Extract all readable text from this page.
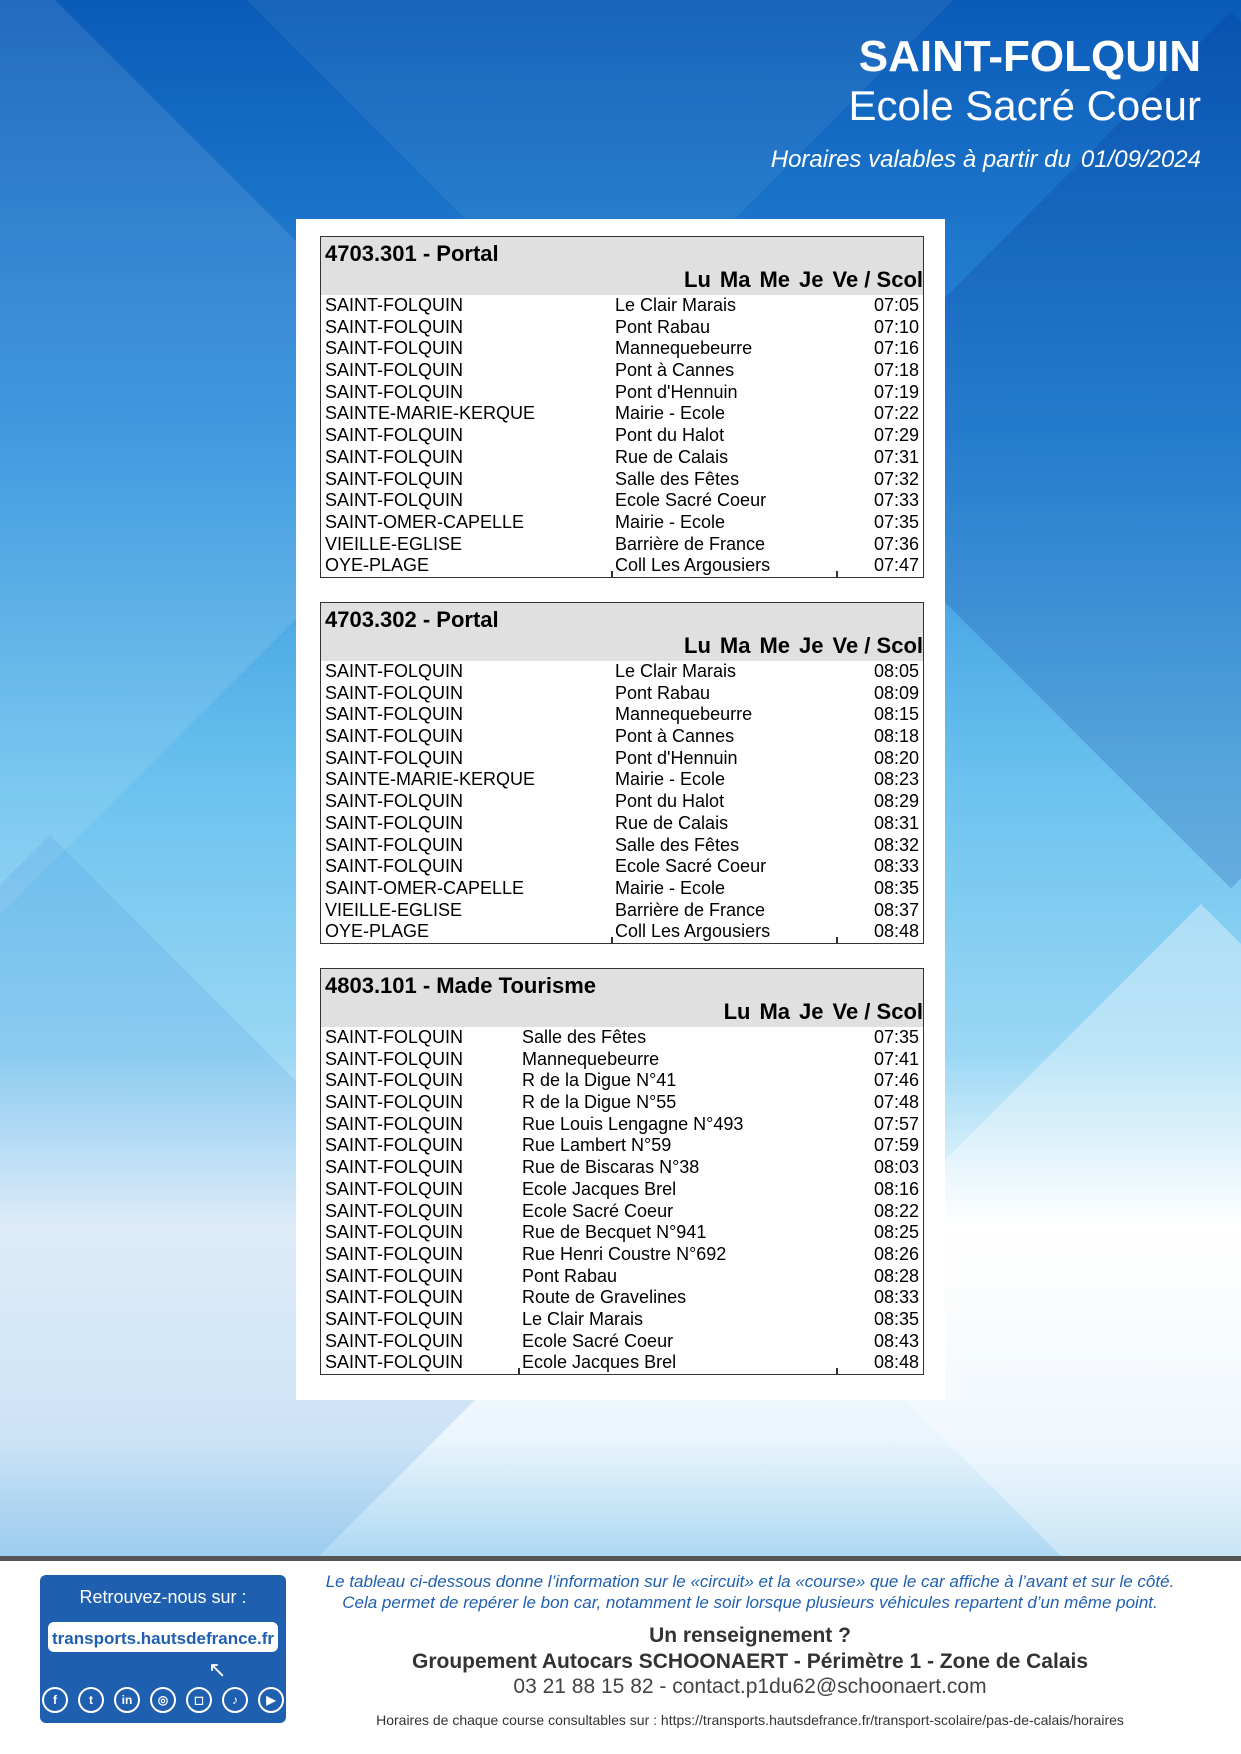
SAINT-FOLQUIN
Ecole Sacré Coeur
Horaires valables à partir du 01/09/2024
4703.301 - Portal
Lu Ma Me Je Ve / Scol
SAINT-FOLQUIN	Le Clair Marais	07:05
SAINT-FOLQUIN	Pont Rabau	07:10
SAINT-FOLQUIN	Mannequebeurre	07:16
SAINT-FOLQUIN	Pont à Cannes	07:18
SAINT-FOLQUIN	Pont d'Hennuin	07:19
SAINTE-MARIE-KERQUE	Mairie - Ecole	07:22
SAINT-FOLQUIN	Pont du Halot	07:29
SAINT-FOLQUIN	Rue de Calais	07:31
SAINT-FOLQUIN	Salle des Fêtes	07:32
SAINT-FOLQUIN	Ecole Sacré Coeur	07:33
SAINT-OMER-CAPELLE	Mairie - Ecole	07:35
VIEILLE-EGLISE	Barrière de France	07:36
OYE-PLAGE	Coll Les Argousiers	07:47
4703.302 - Portal
Lu Ma Me Je Ve / Scol
SAINT-FOLQUIN	Le Clair Marais	08:05
SAINT-FOLQUIN	Pont Rabau	08:09
SAINT-FOLQUIN	Mannequebeurre	08:15
SAINT-FOLQUIN	Pont à Cannes	08:18
SAINT-FOLQUIN	Pont d'Hennuin	08:20
SAINTE-MARIE-KERQUE	Mairie - Ecole	08:23
SAINT-FOLQUIN	Pont du Halot	08:29
SAINT-FOLQUIN	Rue de Calais	08:31
SAINT-FOLQUIN	Salle des Fêtes	08:32
SAINT-FOLQUIN	Ecole Sacré Coeur	08:33
SAINT-OMER-CAPELLE	Mairie - Ecole	08:35
VIEILLE-EGLISE	Barrière de France	08:37
OYE-PLAGE	Coll Les Argousiers	08:48
4803.101 - Made Tourisme
Lu Ma Je Ve / Scol
SAINT-FOLQUIN	Salle des Fêtes	07:35
SAINT-FOLQUIN	Mannequebeurre	07:41
SAINT-FOLQUIN	R de la Digue N°41	07:46
SAINT-FOLQUIN	R de la Digue N°55	07:48
SAINT-FOLQUIN	Rue Louis Lengagne N°493	07:57
SAINT-FOLQUIN	Rue Lambert N°59	07:59
SAINT-FOLQUIN	Rue de Biscaras N°38	08:03
SAINT-FOLQUIN	Ecole Jacques Brel	08:16
SAINT-FOLQUIN	Ecole Sacré Coeur	08:22
SAINT-FOLQUIN	Rue de Becquet N°941	08:25
SAINT-FOLQUIN	Rue Henri Coustre N°692	08:26
SAINT-FOLQUIN	Pont Rabau	08:28
SAINT-FOLQUIN	Route de Gravelines	08:33
SAINT-FOLQUIN	Le Clair Marais	08:35
SAINT-FOLQUIN	Ecole Sacré Coeur	08:43
SAINT-FOLQUIN	Ecole Jacques Brel	08:48
Retrouvez-nous sur :
transports.hautsdefrance.fr
↖
f	t	in	◎	◻	♪	▶
Le tableau ci-dessous donne l’information sur le «circuit» et la «course» que le car affiche à l’avant et sur le côté.
Cela permet de repérer le bon car, notamment le soir lorsque plusieurs véhicules repartent d’un même point.
Un renseignement ?
Groupement Autocars SCHOONAERT - Périmètre 1 - Zone de Calais
03 21 88 15 82 - contact.p1du62@schoonaert.com
Horaires de chaque course consultables sur : https://transports.hautsdefrance.fr/transport-scolaire/pas-de-calais/horaires
